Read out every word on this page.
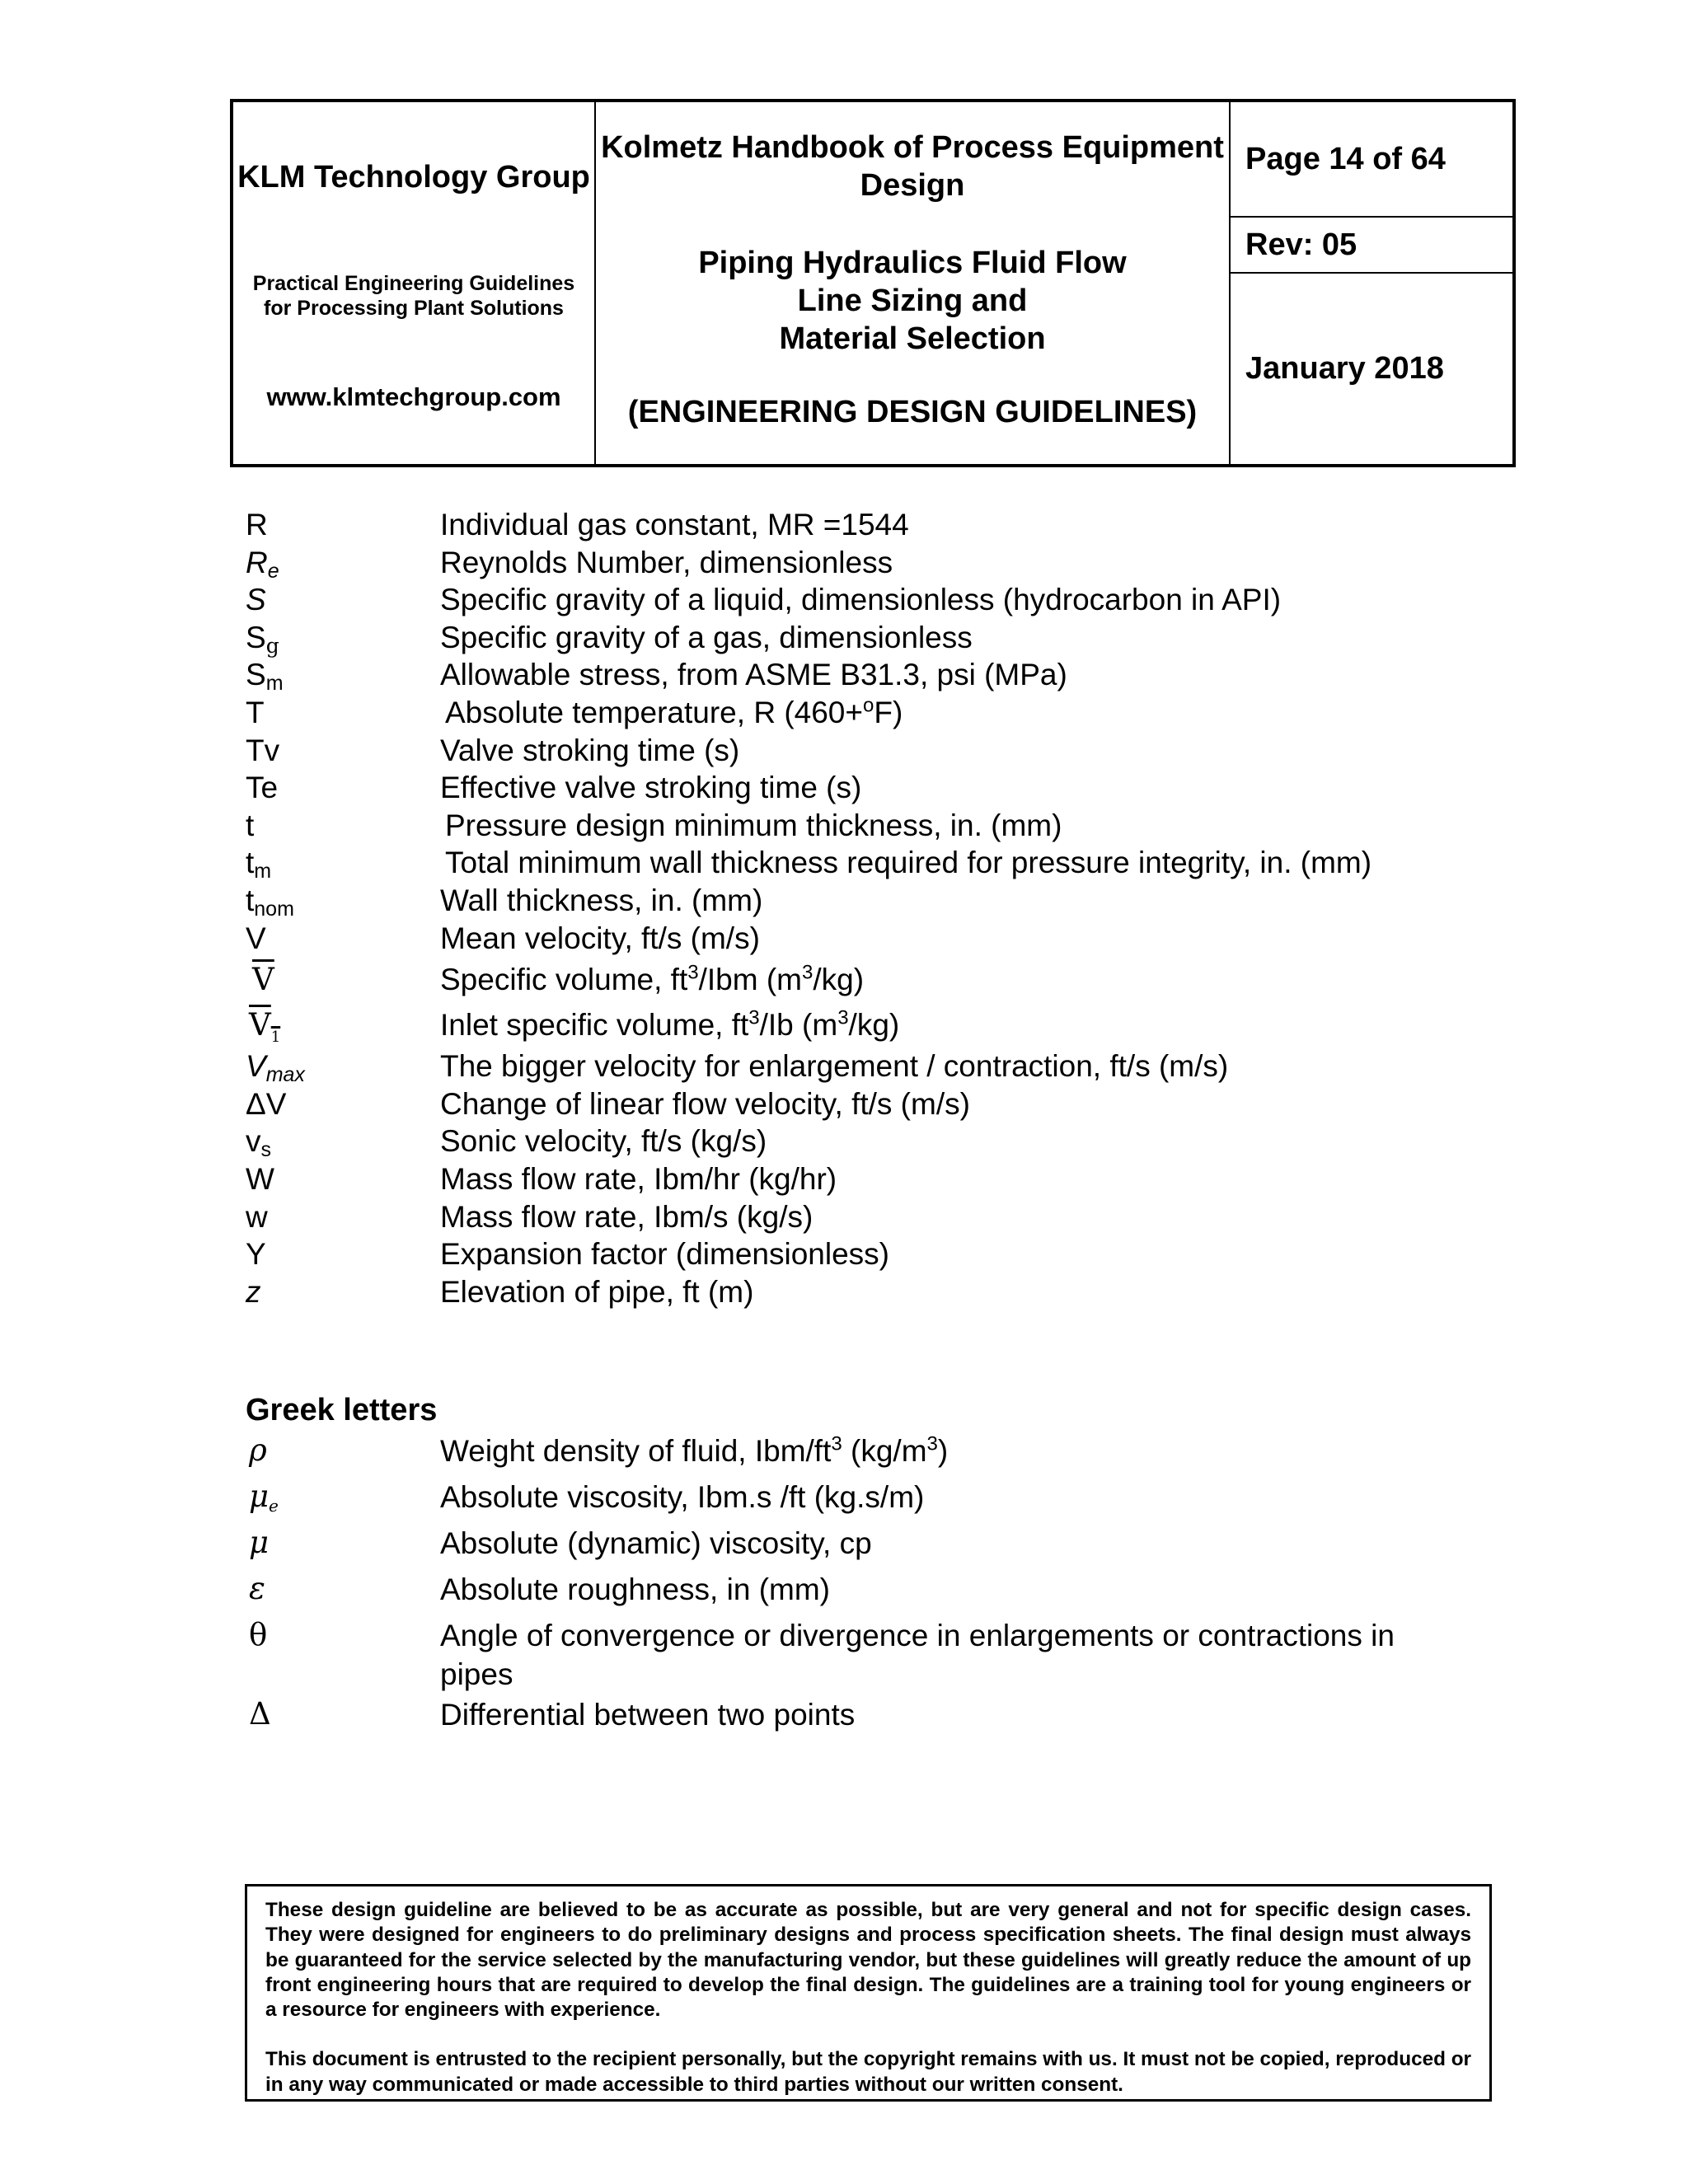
KLM Technology Group
Practical Engineering Guidelines for Processing Plant Solutions
www.klmtechgroup.com
Kolmetz Handbook of Process Equipment Design
Piping Hydraulics Fluid Flow
Line Sizing and
Material Selection
(ENGINEERING DESIGN GUIDELINES)
Page 14 of 64
Rev: 05
January 2018
R	Individual gas constant, MR =1544
$R_e$	Reynolds Number, dimensionless
S	Specific gravity of a liquid, dimensionless (hydrocarbon in API)
$S_g$	Specific gravity of a gas, dimensionless
$S_m$	Allowable stress, from ASME B31.3, psi (MPa)
T	Absolute temperature, R (460+$^o$F)
Tv	Valve stroking time (s)
Te	Effective valve stroking time (s)
t	Pressure design minimum thickness, in. (mm)
$t_m$	Total minimum wall thickness required for pressure integrity, in. (mm)
$t_{nom}$	Wall thickness, in. (mm)
V	Mean velocity, ft/s (m/s)
$\overline{V}$	Specific volume, $ft^3$/Ibm $(m^3/kg)$
$V_1$	Inlet specific volume, $ft^3/Ib$ $(m^3/kg)$
$V_{max}$	The bigger velocity for enlargement / contraction, ft/s (m/s)
ΔV	Change of linear flow velocity, ft/s (m/s)
$v_s$	Sonic velocity, ft/s (kg/s)
W	Mass flow rate, Ibm/hr (kg/hr)
w	Mass flow rate, Ibm/s (kg/s)
Y	Expansion factor (dimensionless)
z	Elevation of pipe, ft (m)
Greek letters
ρ	Weight density of fluid, Ibm/$ft^3$ $(kg/m^3)$
$\mu_e$	Absolute viscosity, Ibm.s /ft (kg.s/m)
μ	Absolute (dynamic) viscosity, cp
ε	Absolute roughness, in (mm)
θ	Angle of convergence or divergence in enlargements or contractions in pipes
Δ	Differential between two points

These design guideline are believed to be as accurate as possible, but are very general and not for specific design cases. They were designed for engineers to do preliminary designs and process specification sheets. The final design must always be guaranteed for the service selected by the manufacturing vendor, but these guidelines will greatly reduce the amount of up front engineering hours that are required to develop the final design. The guidelines are a training tool for young engineers or a resource for engineers with experience.

This document is entrusted to the recipient personally, but the copyright remains with us. It must not be copied, reproduced or in any way communicated or made accessible to third parties without our written consent.
